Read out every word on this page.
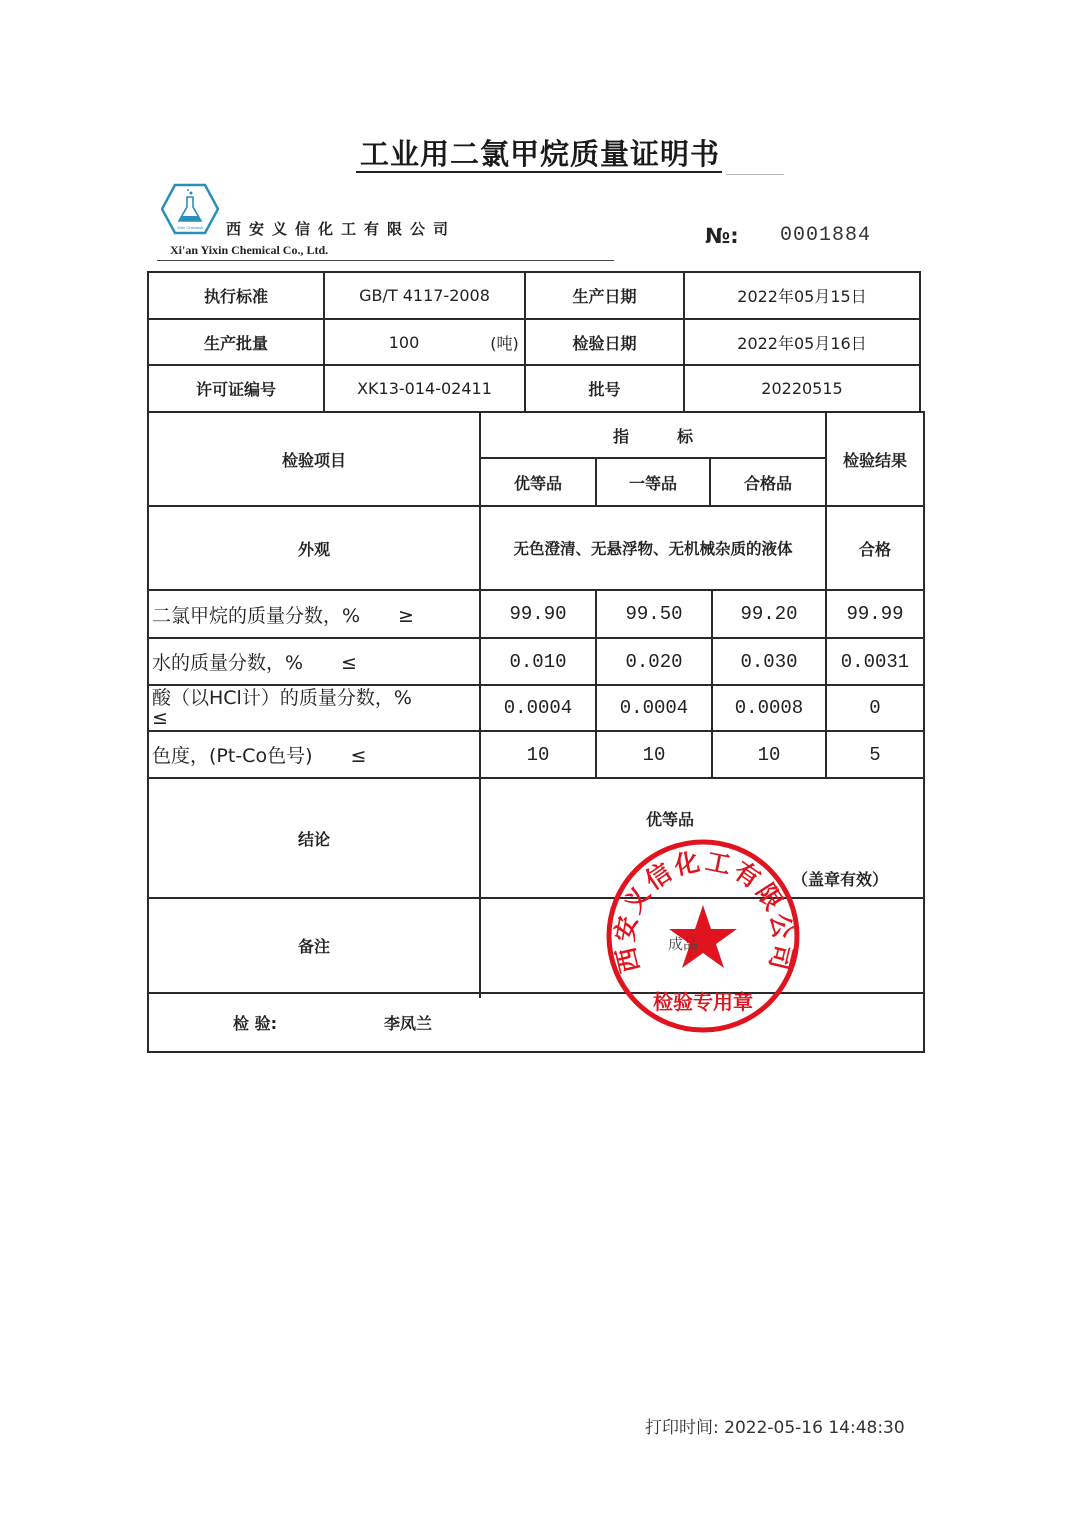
工业用二氯甲烷质量证明书
Yixin Chemical 西安义信化工有限公司
Xi'an Yixin Chemical Co., Ltd.
№: 0001884
执行标准	GB/T 4117-2008	生产日期	2022年05月15日
生产批量	100	(吨)	检验日期	2022年05月16日
许可证编号	XK13-014-02411	批号	20220515
检验项目
指　　　标
优等品	一等品	合格品
检验结果
外观	无色澄清、无悬浮物、无机械杂质的液体	合格
二氯甲烷的质量分数，%　　≥	99.90	99.50	99.20	99.99
水的质量分数，%　　≤	0.010	0.020	0.030	0.0031
酸（以HCl计）的质量分数，%
≤	0.0004	0.0004	0.0008	0
色度，(Pt-Co色号)　　≤	10	10	10	5
结论
优等品
（盖章有效）
备注
检 验:	李凤兰
西安义信化工有限公司
成品
检验专用章
打印时间: 2022-05-16 14:48:30
